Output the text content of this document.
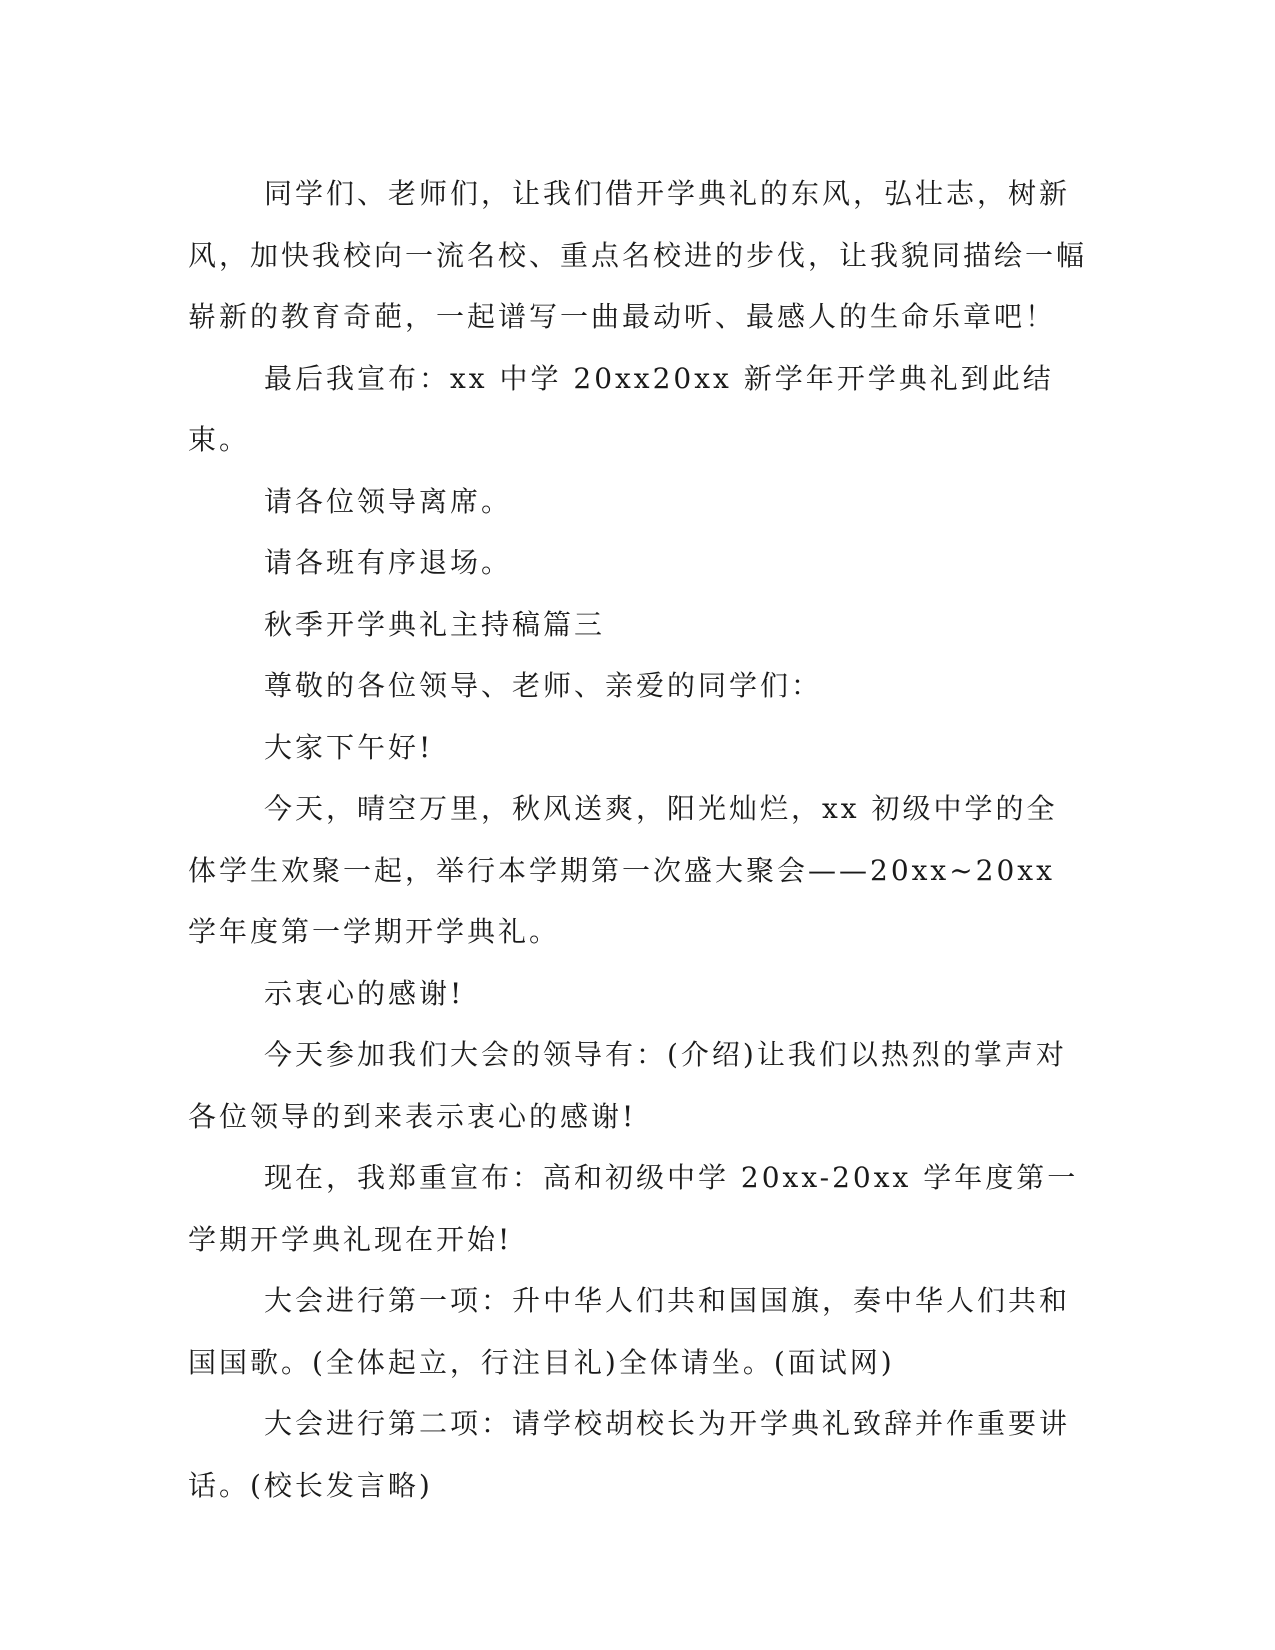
同学们、老师们，让我们借开学典礼的东风，弘壮志，树新风，加快我校向一流名校、重点名校进的步伐，让我貌同描绘一幅崭新的教育奇葩，一起谱写一曲最动听、最感人的生命乐章吧！

最后我宣布：xx 中学 20xx20xx 新学年开学典礼到此结束。

请各位领导离席。

请各班有序退场。

秋季开学典礼主持稿篇三

尊敬的各位领导、老师、亲爱的同学们：

大家下午好!

今天，晴空万里，秋风送爽，阳光灿烂，xx 初级中学的全体学生欢聚一起，举行本学期第一次盛大聚会——20xx~20xx 学年度第一学期开学典礼。

示衷心的感谢!

今天参加我们大会的领导有：(介绍)让我们以热烈的掌声对各位领导的到来表示衷心的感谢!

现在，我郑重宣布：高和初级中学 20xx-20xx 学年度第一学期开学典礼现在开始!

大会进行第一项：升中华人们共和国国旗，奏中华人们共和国国歌。(全体起立，行注目礼)全体请坐。(面试网)

大会进行第二项：请学校胡校长为开学典礼致辞并作重要讲话。(校长发言略)
